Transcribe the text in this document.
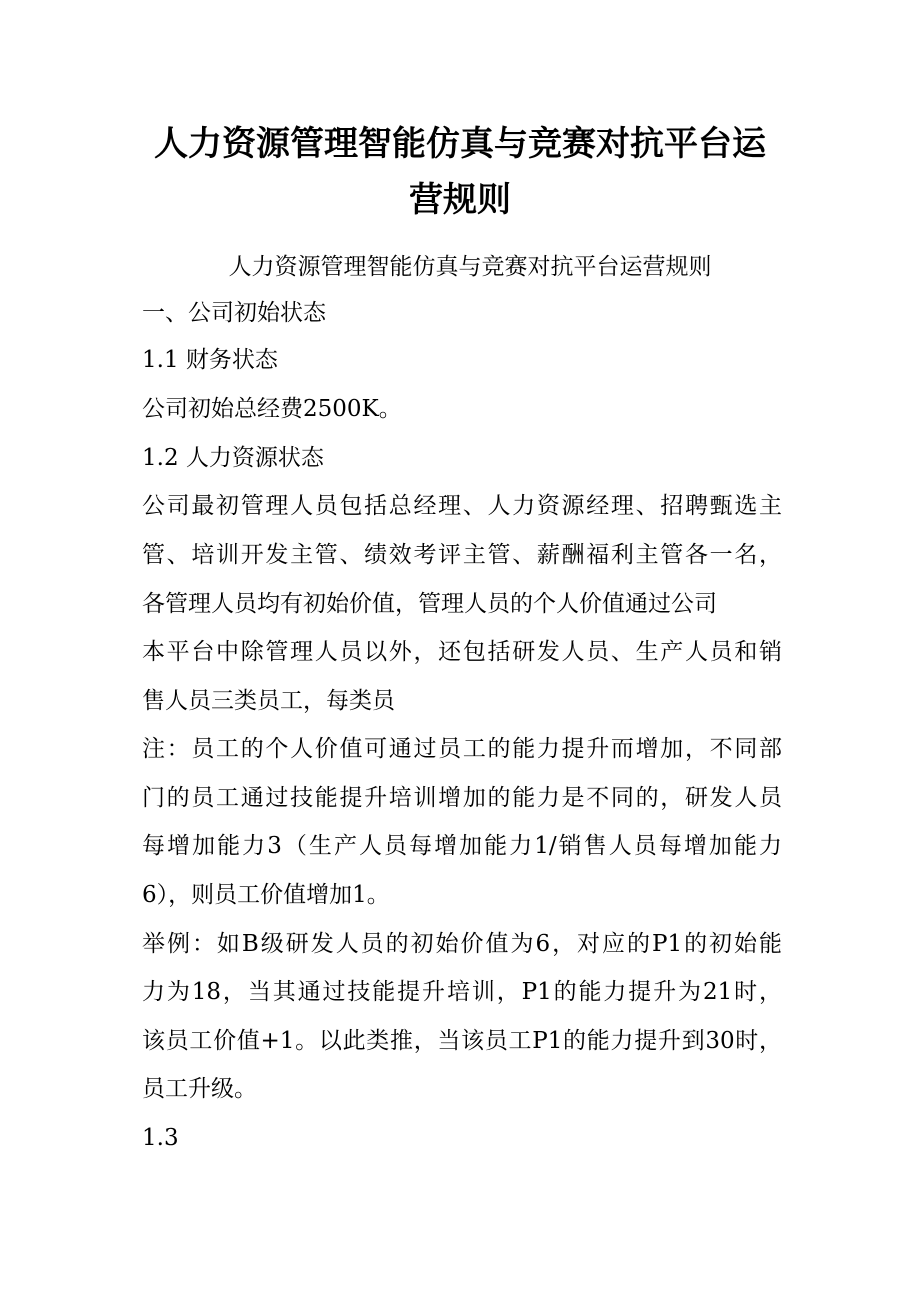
人力资源管理智能仿真与竞赛对抗平台运
营规则

人力资源管理智能仿真与竞赛对抗平台运营规则

一、公司初始状态

1.1 财务状态

公司初始总经费2500K。

1.2 人力资源状态

公司最初管理人员包括总经理、人力资源经理、招聘甄选主

管、培训开发主管、绩效考评主管、薪酬福利主管各一名，

各管理人员均有初始价值，管理人员的个人价值通过公司

本平台中除管理人员以外，还包括研发人员、生产人员和销

售人员三类员工，每类员

注：员工的个人价值可通过员工的能力提升而增加，不同部

门的员工通过技能提升培训增加的能力是不同的，研发人员

每增加能力3（生产人员每增加能力1/销售人员每增加能力

6），则员工价值增加1。

举例：如B级研发人员的初始价值为6，对应的P1的初始能

力为18，当其通过技能提升培训，P1的能力提升为21时，

该员工价值+1。以此类推，当该员工P1的能力提升到30时，

员工升级。

1.3
